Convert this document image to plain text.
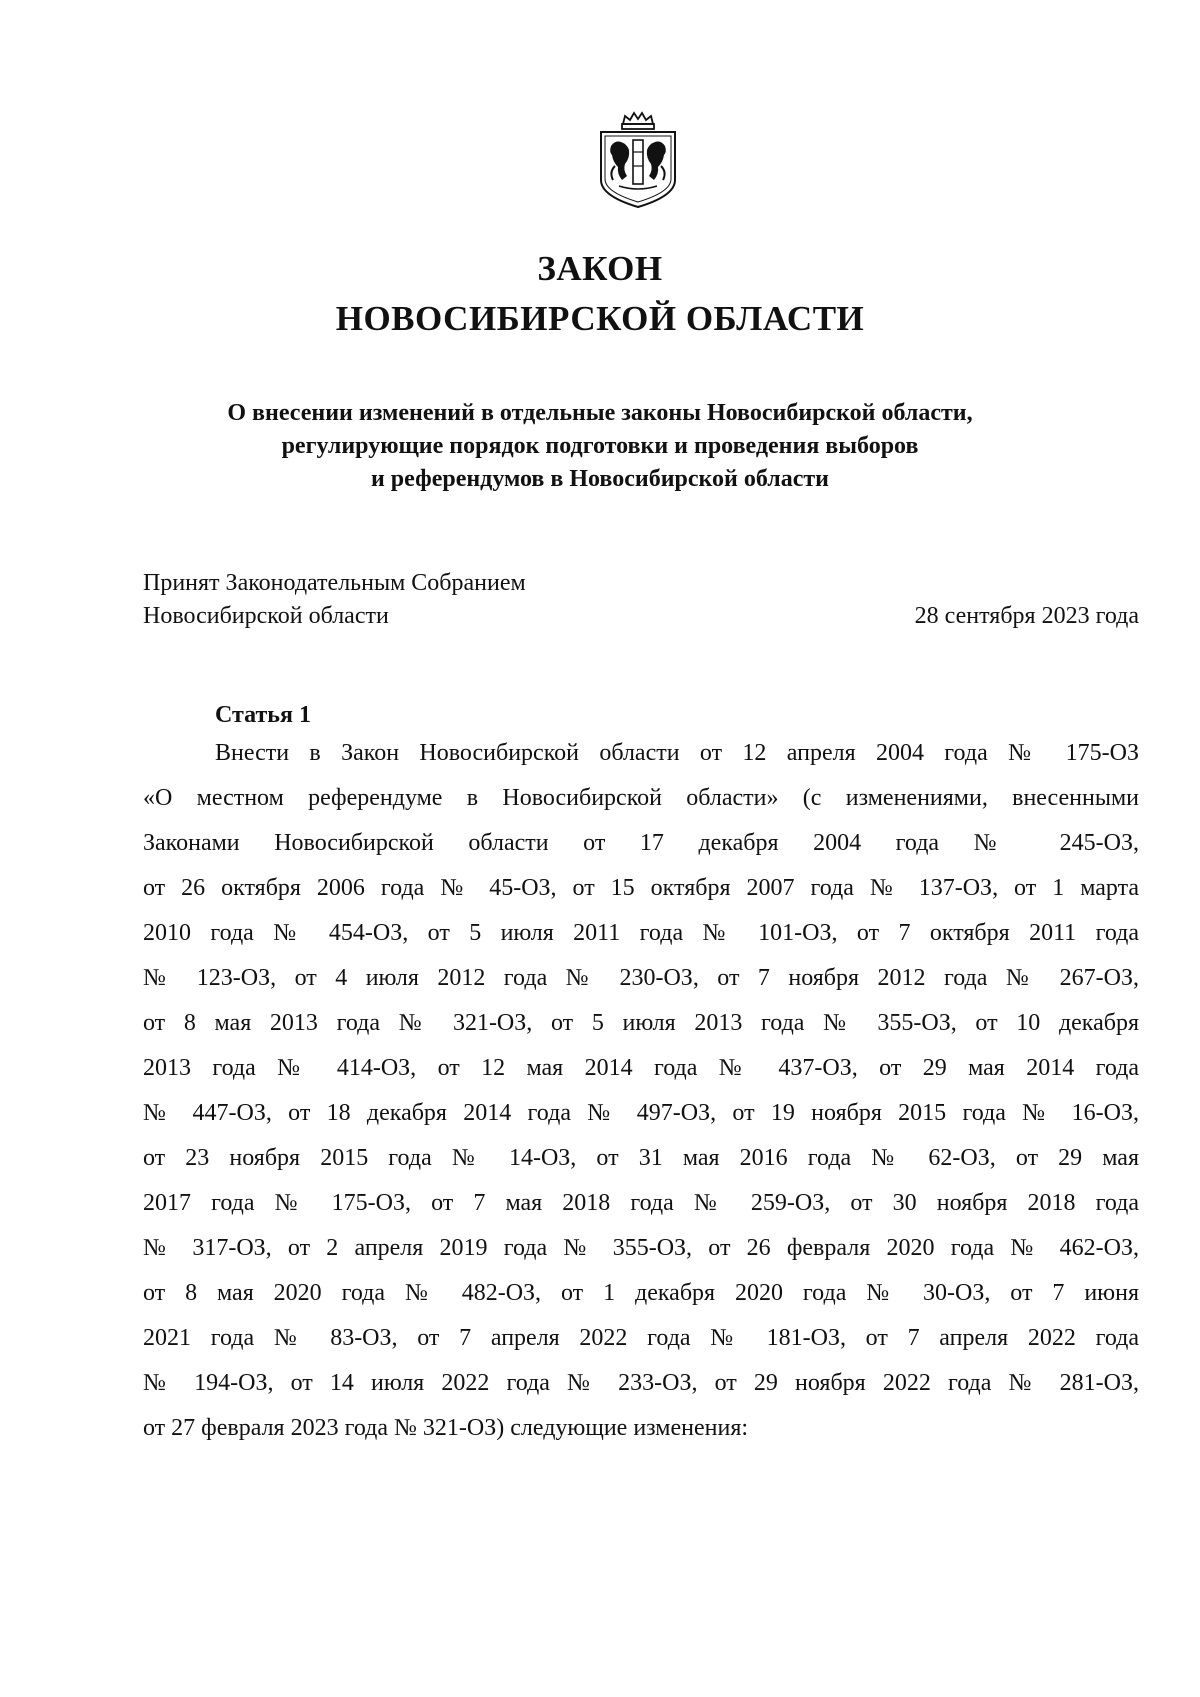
ЗАКОН
НОВОСИБИРСКОЙ ОБЛАСТИ
О внесении изменений в отдельные законы Новосибирской области,
регулирующие порядок подготовки и проведения выборов
и референдумов в Новосибирской области
Принят Законодательным Собранием
Новосибирской области	28 сентября 2023 года
Статья 1
Внести в Закон Новосибирской области от 12 апреля 2004 года № 175-ОЗ
«О местном референдуме в Новосибирской области» (с изменениями, внесенными
Законами Новосибирской области от 17 декабря 2004 года № 245-ОЗ,
от 26 октября 2006 года № 45-ОЗ, от 15 октября 2007 года № 137-ОЗ, от 1 марта
2010 года № 454-ОЗ, от 5 июля 2011 года № 101-ОЗ, от 7 октября 2011 года
№ 123-ОЗ, от 4 июля 2012 года № 230-ОЗ, от 7 ноября 2012 года № 267-ОЗ,
от 8 мая 2013 года № 321-ОЗ, от 5 июля 2013 года № 355-ОЗ, от 10 декабря
2013 года № 414-ОЗ, от 12 мая 2014 года № 437-ОЗ, от 29 мая 2014 года
№ 447-ОЗ, от 18 декабря 2014 года № 497-ОЗ, от 19 ноября 2015 года № 16-ОЗ,
от 23 ноября 2015 года № 14-ОЗ, от 31 мая 2016 года № 62-ОЗ, от 29 мая
2017 года № 175-ОЗ, от 7 мая 2018 года № 259-ОЗ, от 30 ноября 2018 года
№ 317-ОЗ, от 2 апреля 2019 года № 355-ОЗ, от 26 февраля 2020 года № 462-ОЗ,
от 8 мая 2020 года № 482-ОЗ, от 1 декабря 2020 года № 30-ОЗ, от 7 июня
2021 года № 83-ОЗ, от 7 апреля 2022 года № 181-ОЗ, от 7 апреля 2022 года
№ 194-ОЗ, от 14 июля 2022 года № 233-ОЗ, от 29 ноября 2022 года № 281-ОЗ,
от 27 февраля 2023 года № 321-ОЗ) следующие изменения:
